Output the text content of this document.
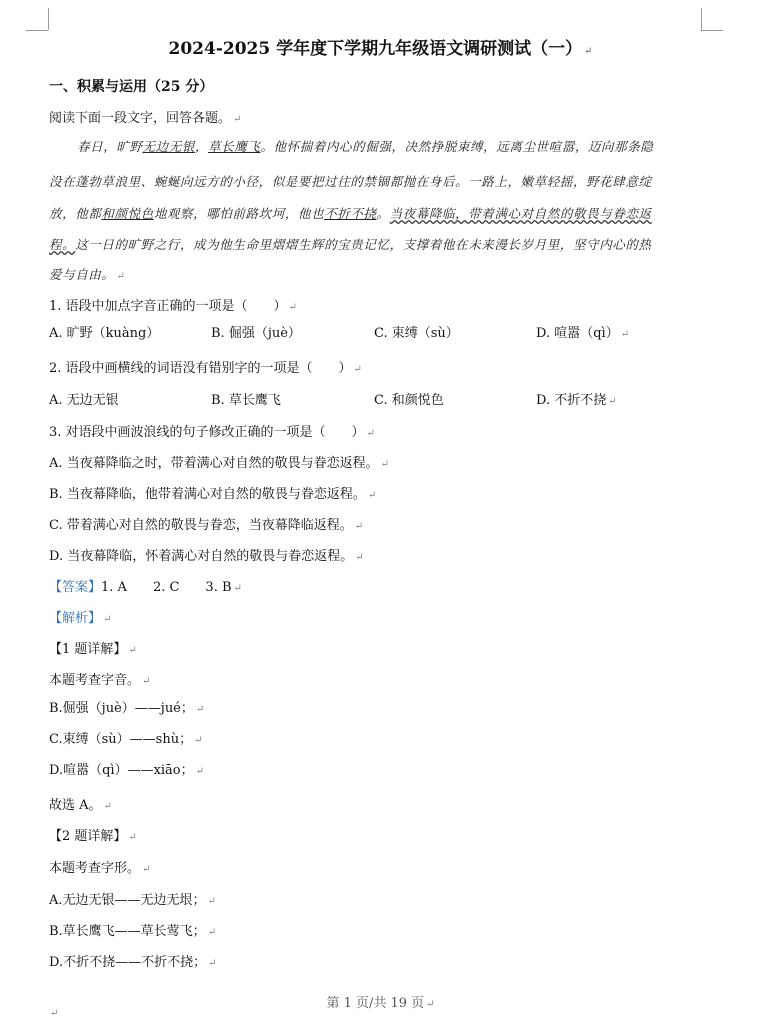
2024-2025 学年度下学期九年级语文调研测试（一） ↵
一、积累与运用（25 分）
阅读下面一段文字，回答各题。 ↵
春日，旷野无边无银，草长鹰飞。他怀揣着内心的倔强，决然挣脱束缚，远离尘世喧嚣，迈向那条隐
没在蓬勃草浪里、蜿蜒向远方的小径，似是要把过往的禁锢都抛在身后。一路上，嫩草轻摇，野花肆意绽
放，他都和颜悦色地观察，哪怕前路坎坷，他也不折不挠。当夜幕降临，带着满心对自然的敬畏与眷恋返
程。这一日的旷野之行，成为他生命里熠熠生辉的宝贵记忆，支撑着他在未来漫长岁月里，坚守内心的热
爱与自由。 ↵
1. 语段中加点字音正确的一项是（　　） ↵
A. 旷野（kuàng）	B. 倔强（juè）	C. 束缚（sù）	D. 喧嚣（qì） ↵
2. 语段中画横线的词语没有错别字的一项是（　　） ↵
A. 无边无银	B. 草长鹰飞	C. 和颜悦色	D. 不折不挠 ↵
3. 对语段中画波浪线的句子修改正确的一项是（　　） ↵
A. 当夜幕降临之时，带着满心对自然的敬畏与眷恋返程。 ↵
B. 当夜幕降临，他带着满心对自然的敬畏与眷恋返程。 ↵
C. 带着满心对自然的敬畏与眷恋，当夜幕降临返程。 ↵
D. 当夜幕降临，怀着满心对自然的敬畏与眷恋返程。 ↵
【答案】1. A　　2. C　　3. B ↵
【解析】 ↵
【1 题详解】 ↵
本题考查字音。 ↵
B.倔强（juè）——jué； ↵
C.束缚（sù）——shù； ↵
D.喧嚣（qì）——xiāo； ↵
故选 A。 ↵
【2 题详解】 ↵
本题考查字形。 ↵
A.无边无银——无边无垠； ↵
B.草长鹰飞——草长莺飞； ↵
D.不折不挠——不折不挠； ↵
第 1 页/共 19 页 ↵
↵
